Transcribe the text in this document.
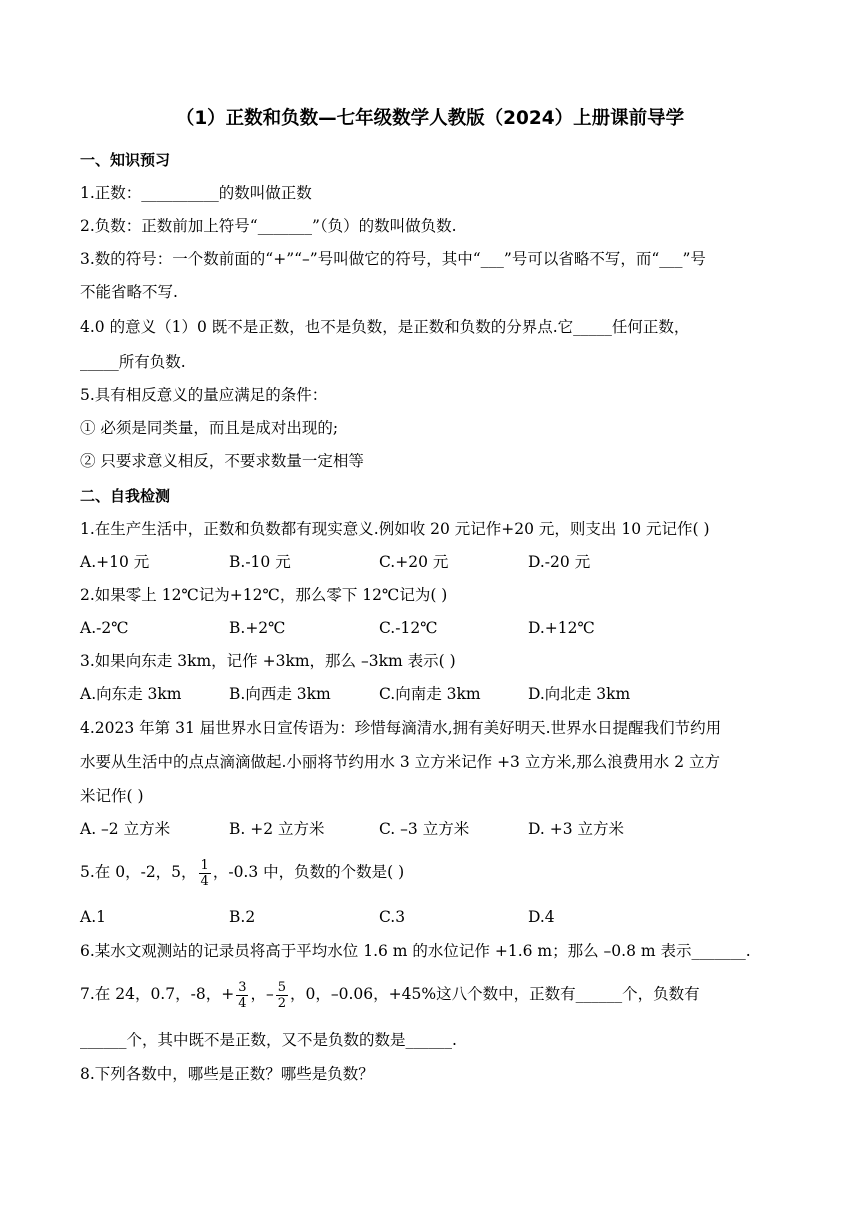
（1）正数和负数—七年级数学人教版（2024）上册课前导学
一、知识预习
1.正数：__________的数叫做正数
2.负数：正数前加上符号“_______”（负）的数叫做负数.
3.数的符号：一个数前面的“+”“–”号叫做它的符号，其中“___”号可以省略不写，而“___”号
不能省略不写.
4.0 的意义（1）0 既不是正数，也不是负数，是正数和负数的分界点.它_____任何正数，
_____所有负数.
5.具有相反意义的量应满足的条件：
① 必须是同类量，而且是成对出现的;
② 只要求意义相反，不要求数量一定相等
二、自我检测
1.在生产生活中，正数和负数都有现实意义.例如收 20 元记作+20 元，则支出 10 元记作( )
A.+10 元	B.-10 元	C.+20 元	D.-20 元
2.如果零上 12℃记为+12℃，那么零下 12℃记为( )
A.-2℃	B.+2℃	C.-12℃	D.+12℃
3.如果向东走 3km，记作 +3km，那么 –3km 表示( )
A.向东走 3km	B.向西走 3km	C.向南走 3km	D.向北走 3km
4.2023 年第 31 届世界水日宣传语为：珍惜每滴清水,拥有美好明天.世界水日提醒我们节约用
水要从生活中的点点滴滴做起.小丽将节约用水 3 立方米记作 +3 立方米,那么浪费用水 2 立方
米记作( )
A. –2 立方米	B. +2 立方米	C. –3 立方米	D. +3 立方米
5.在 0，-2，5， $\frac{1}{4}$ ，-0.3 中，负数的个数是( )
A.1	B.2	C.3	D.4
6.某水文观测站的记录员将高于平均水位 1.6 m 的水位记作 +1.6 m；那么 –0.8 m 表示_______.
7.在 24，0.7，-8，+ $\frac{3}{4}$ ，– $\frac{5}{2}$ ，0，–0.06，+45%这八个数中，正数有______个，负数有
______个，其中既不是正数，又不是负数的数是______.
8.下列各数中，哪些是正数？哪些是负数？
